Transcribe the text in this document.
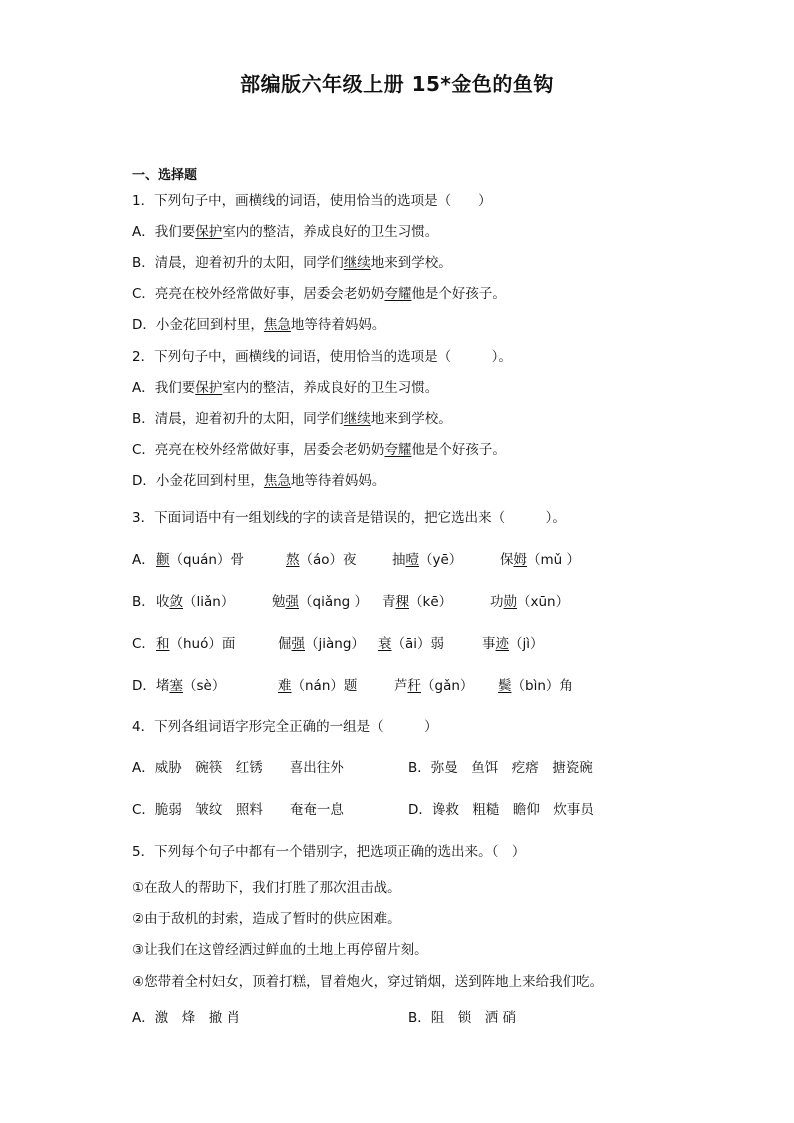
部编版六年级上册 15*金色的鱼钩
一、选择题
1．下列句子中，画横线的词语，使用恰当的选项是（　　）
A．我们要保护室内的整洁，养成良好的卫生习惯。
B．清晨，迎着初升的太阳，同学们继续地来到学校。
C．亮亮在校外经常做好事，居委会老奶奶夸耀他是个好孩子。
D．小金花回到村里，焦急地等待着妈妈。
2．下列句子中，画横线的词语，使用恰当的选项是（　　　）。
A．我们要保护室内的整洁，养成良好的卫生习惯。
B．清晨，迎着初升的太阳，同学们继续地来到学校。
C．亮亮在校外经常做好事，居委会老奶奶夸耀他是个好孩子。
D．小金花回到村里，焦急地等待着妈妈。
3．下面词语中有一组划线的字的读音是错误的，把它选出来（　　　）。
A． 颧（quán）骨	熬（áo）夜	抽噎（yē）	保姆（mǔ ）
B． 收敛（liǎn）	勉强（qiǎng ） 青稞（kē）	功勋（xūn）
C． 和（huó）面	倔强（jiàng） 衰（āi）弱	事迹（jì）
D． 堵塞（sè）	难（nán）题	芦秆（gǎn） 鬓（bìn）角
4．下列各组词语字形完全正确的一组是（　　　）
A．威胁　碗筷　红锈　　喜出往外	B．弥曼　鱼饵　疙瘩　搪瓷碗
C．脆弱　皱纹　照料　　奄奄一息	D．谗救　粗糙　瞻仰　炊事员
5．下列每个句子中都有一个错别字，把选项正确的选出来。（　）
①在敌人的帮助下，我们打胜了那次沮击战。
②由于敌机的封索，造成了暂时的供应困难。
③让我们在这曾经洒过鲜血的土地上再停留片刻。
④您带着全村妇女，顶着打糕，冒着炮火，穿过销烟，送到阵地上来给我们吃。
A．激　烽　撤 肖	B．阻　锁　洒 硝
